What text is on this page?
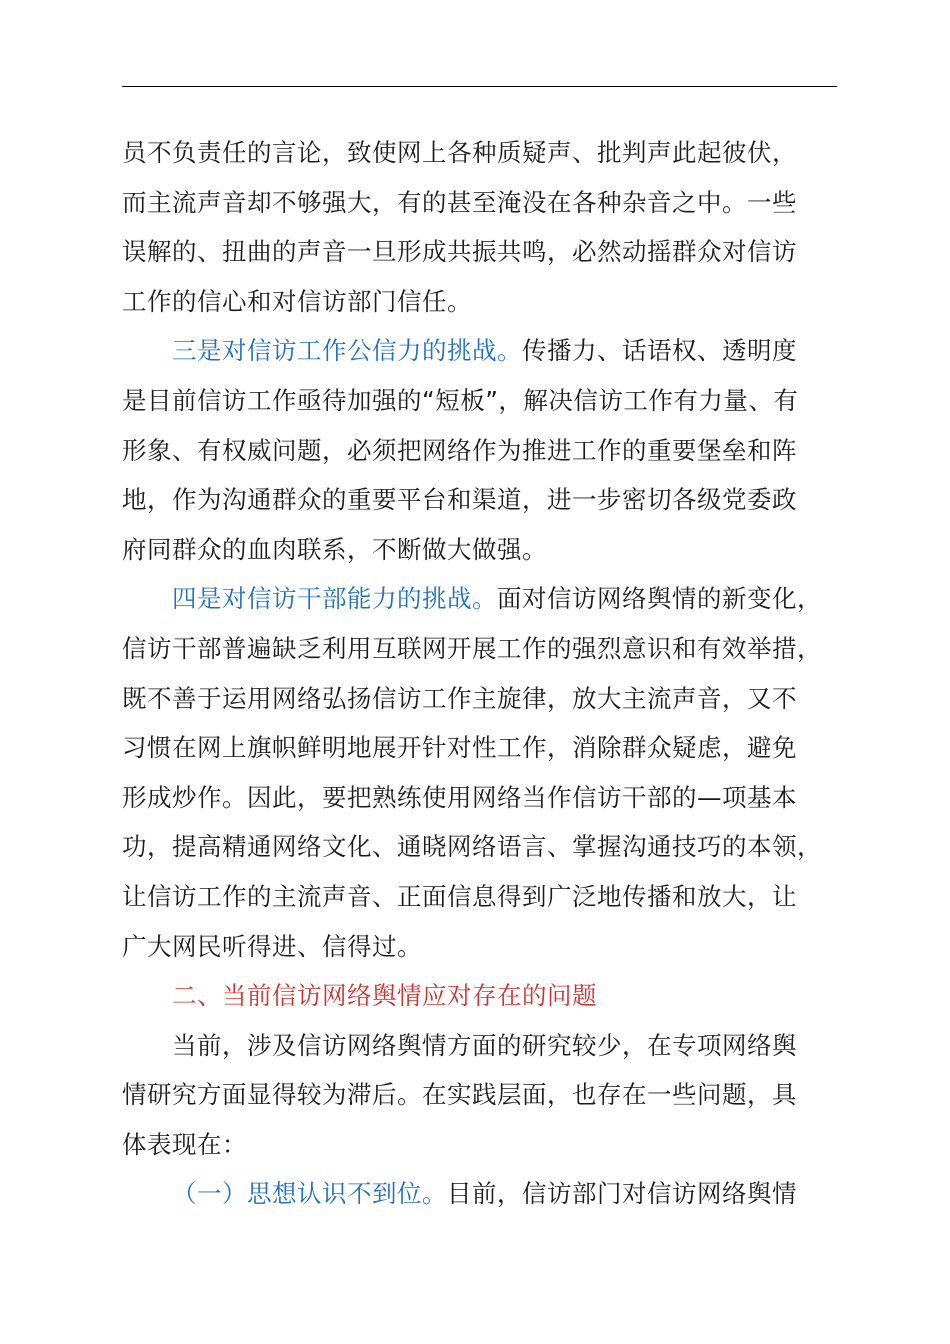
员不负责任的言论，致使网上各种质疑声、批判声此起彼伏，

而主流声音却不够强大，有的甚至淹没在各种杂音之中。一些

误解的、扭曲的声音一旦形成共振共鸣，必然动摇群众对信访

工作的信心和对信访部门信任。

三是对信访工作公信力的挑战。传播力、话语权、透明度

是目前信访工作亟待加强的“短板”，解决信访工作有力量、有

形象、有权威问题，必须把网络作为推进工作的重要堡垒和阵

地，作为沟通群众的重要平台和渠道，进一步密切各级党委政

府同群众的血肉联系，不断做大做强。

四是对信访干部能力的挑战。面对信访网络舆情的新变化，

信访干部普遍缺乏利用互联网开展工作的强烈意识和有效举措，

既不善于运用网络弘扬信访工作主旋律，放大主流声音，又不

习惯在网上旗帜鲜明地展开针对性工作，消除群众疑虑，避免

形成炒作。因此，要把熟练使用网络当作信访干部的—项基本

功，提高精通网络文化、通晓网络语言、掌握沟通技巧的本领，

让信访工作的主流声音、正面信息得到广泛地传播和放大，让

广大网民听得进、信得过。

二、当前信访网络舆情应对存在的问题

当前，涉及信访网络舆情方面的研究较少，在专项网络舆

情研究方面显得较为滞后。在实践层面，也存在一些问题，具

体表现在：

（一）思想认识不到位。目前，信访部门对信访网络舆情
